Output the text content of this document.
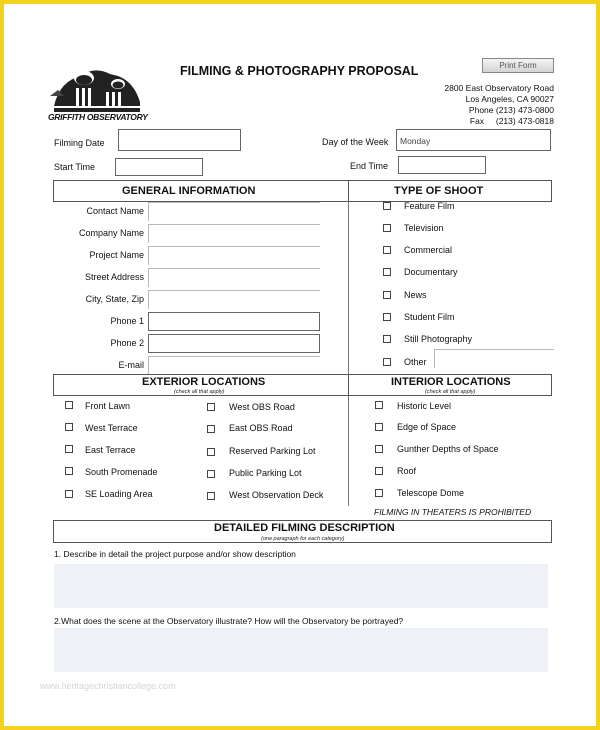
GRIFFITH OBSERVATORY
FILMING & PHOTOGRAPHY PROPOSAL	Print Form
2800 East Observatory Road
Los Angeles, CA 90027
Phone (213) 473-0800
Fax     (213) 473-0818
Filming Date	Day of the Week	Monday
Start Time	End Time
GENERAL INFORMATION	TYPE OF SHOOT
Contact Name
Company Name
Project Name
Street Address
City, State, Zip
Phone 1
Phone 2
E-mail
Feature Film
Television
Commercial
Documentary
News
Student Film
Still Photography
Other
EXTERIOR LOCATIONS
(check all that apply)
INTERIOR LOCATIONS
(check all that apply)
Front Lawn
West Terrace
East Terrace
South Promenade
SE Loading Area
West OBS Road
East OBS Road
Reserved Parking Lot
Public Parking Lot
West Observation Deck
Historic Level
Edge of Space
Gunther Depths of Space
Roof
Telescope Dome
FILMING IN THEATERS IS PROHIBITED
DETAILED FILMING DESCRIPTION
(one paragraph for each category)
1. Describe in detail the project purpose and/or show description
2.What does the scene at the Observatory illustrate? How will the Observatory be portrayed?
www.heritagechristiancollege.com
